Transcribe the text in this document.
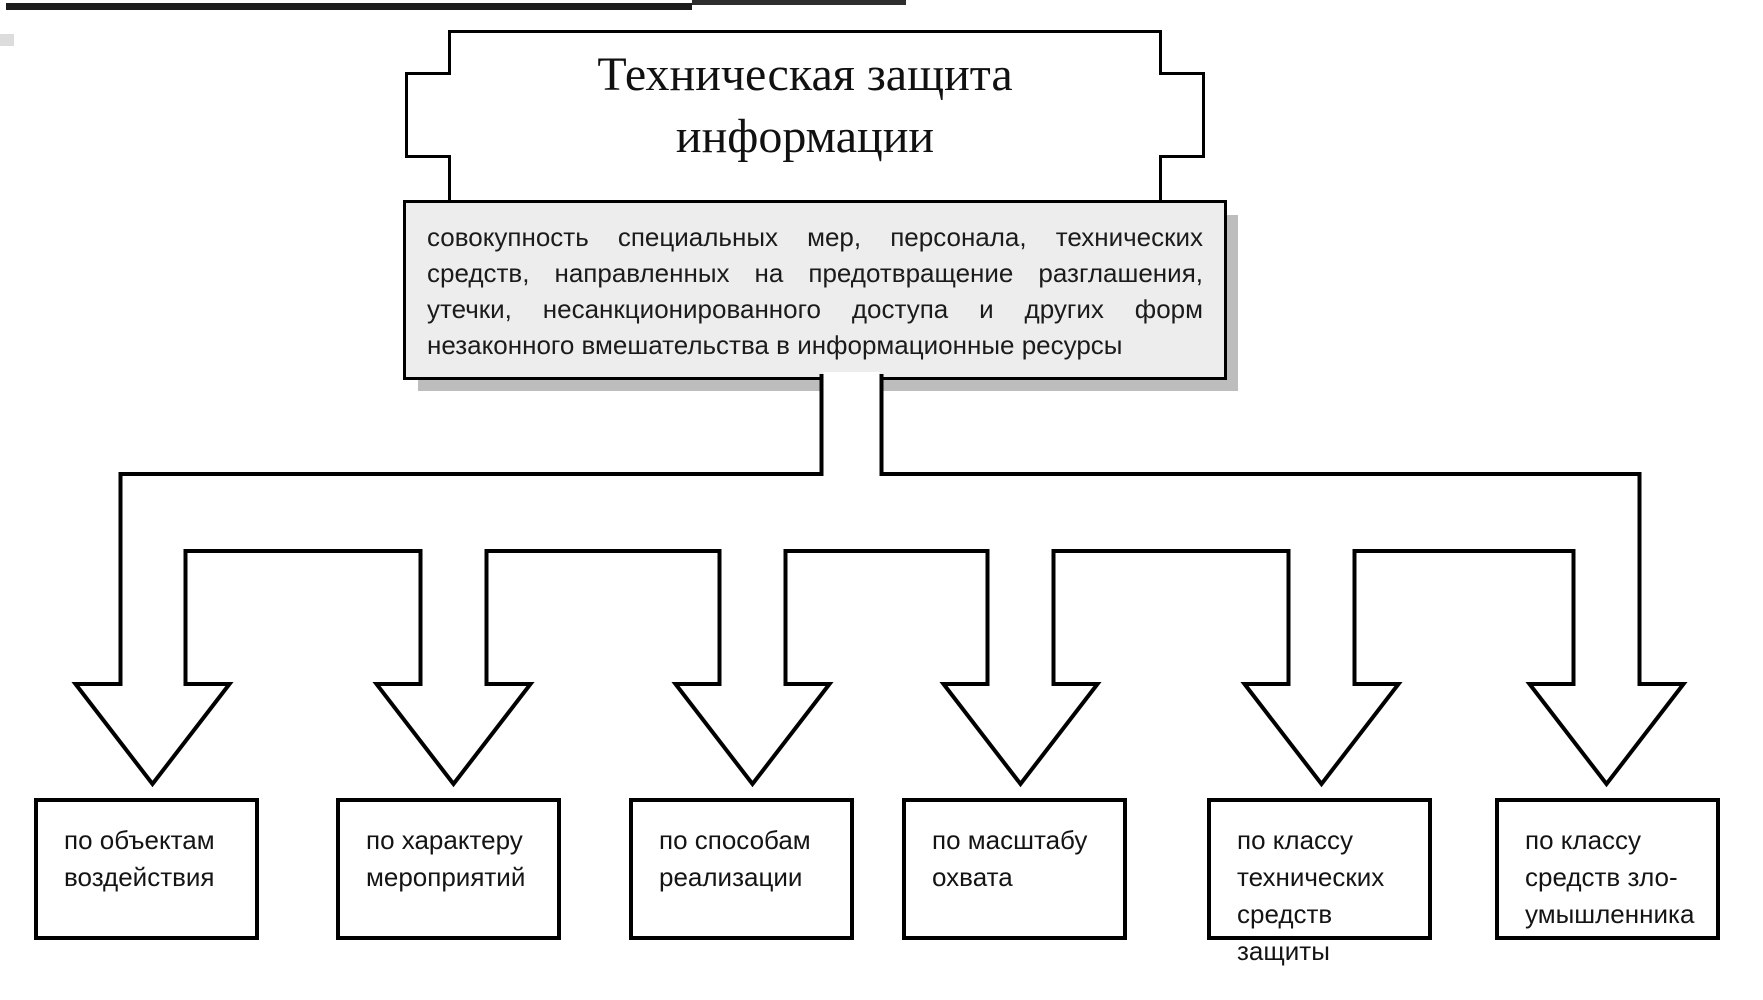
Техническая защита
информации
совокупность специальных мер, персонала, технических
средств, направленных на предотвращение разглашения,
утечки, несанкционированного доступа и других форм
незаконного вмешательства в информационные ресурсы
по объектам
воздействия
по характеру
мероприятий
по способам
реализации
по масштабу
охвата
по классу
технических
средств защиты
по классу
средств зло-
умышленника
